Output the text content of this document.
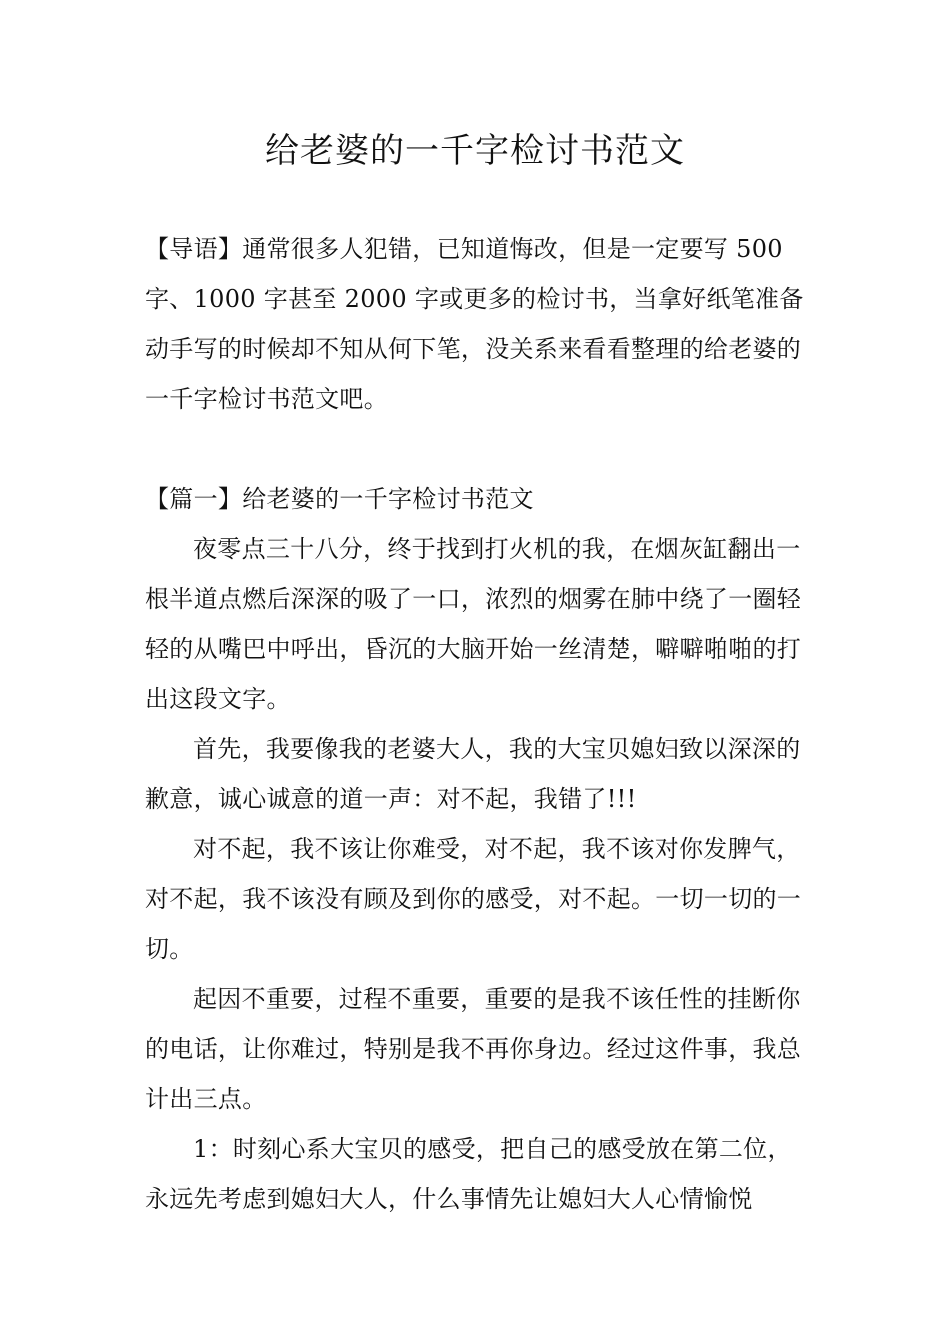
给老婆的一千字检讨书范文
【导语】通常很多人犯错，已知道悔改，但是一定要写 500 字、1000 字甚至 2000 字或更多的检讨书，当拿好纸笔准备动手写的时候却不知从何下笔，没关系来看看整理的给老婆的一千字检讨书范文吧。
【篇一】给老婆的一千字检讨书范文

夜零点三十八分，终于找到打火机的我，在烟灰缸翻出一根半道点燃后深深的吸了一口，浓烈的烟雾在肺中绕了一圈轻轻的从嘴巴中呼出，昏沉的大脑开始一丝清楚，噼噼啪啪的打出这段文字。

首先，我要像我的老婆大人，我的大宝贝媳妇致以深深的歉意，诚心诚意的道一声：对不起，我错了!!!

对不起，我不该让你难受，对不起，我不该对你发脾气，对不起，我不该没有顾及到你的感受，对不起。一切一切的一切。

起因不重要，过程不重要，重要的是我不该任性的挂断你的电话，让你难过，特别是我不再你身边。经过这件事，我总计出三点。

1：时刻心系大宝贝的感受，把自己的感受放在第二位，永远先考虑到媳妇大人，什么事情先让媳妇大人心情愉悦
